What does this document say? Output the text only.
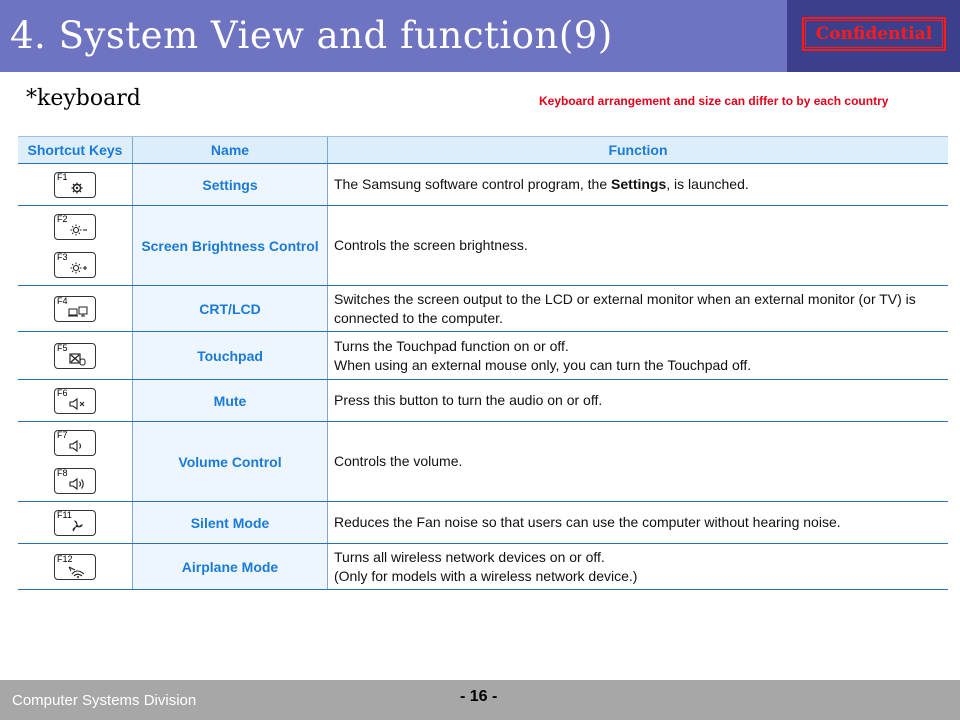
4. System View and function(9)	Confidential
*keyboard	Keyboard arrangement and size can differ to by each country
Shortcut Keys	Name	Function

F1	Settings	The Samsung software control program, the Settings, is launched.

F2
F3	Screen Brightness Control	Controls the screen brightness.

F4	CRT/LCD	Switches the screen output to the LCD or external monitor when an external monitor (or TV) is connected to the computer.

F5	Touchpad	Turns the Touchpad function on or off.
When using an external mouse only, you can turn the Touchpad off.

F6	Mute	Press this button to turn the audio on or off.

F7
F8	Volume Control	Controls the volume.

F11	Silent Mode	Reduces the Fan noise so that users can use the computer without hearing noise.

F12	Airplane Mode	Turns all wireless network devices on or off.
(Only for models with a wireless network device.)
Computer Systems Division	- 16 -
